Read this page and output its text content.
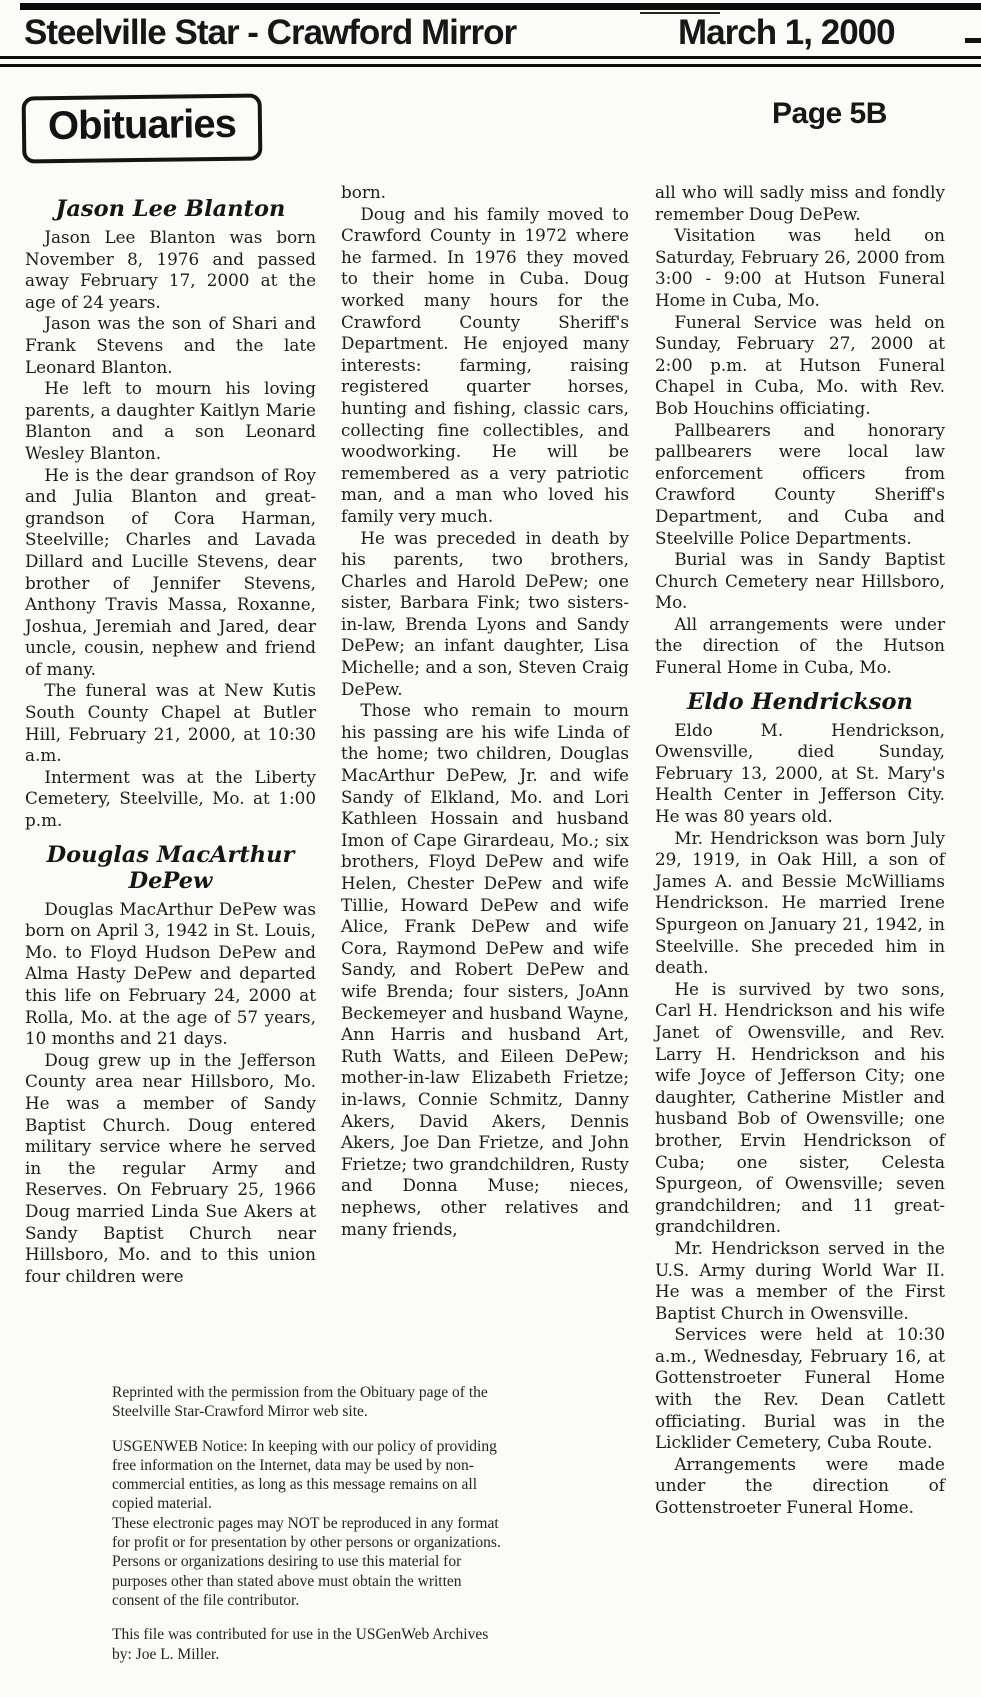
Steelville Star - Crawford Mirror	March 1, 2000
Obituaries	Page 5B
Jason Lee Blanton

Jason Lee Blanton was born November 8, 1976 and passed away February 17, 2000 at the age of 24 years.

Jason was the son of Shari and Frank Stevens and the late Leonard Blanton.

He left to mourn his loving parents, a daughter Kaitlyn Marie Blanton and a son Leonard Wesley Blanton.

He is the dear grandson of Roy and Julia Blanton and great-grandson of Cora Harman, Steelville; Charles and Lavada Dillard and Lucille Stevens, dear brother of Jennifer Stevens, Anthony Travis Massa, Roxanne, Joshua, Jeremiah and Jared, dear uncle, cousin, nephew and friend of many.

The funeral was at New Kutis South County Chapel at Butler Hill, February 21, 2000, at 10:30 a.m.

Interment was at the Liberty Cemetery, Steelville, Mo. at 1:00 p.m.

Douglas MacArthur DePew

Douglas MacArthur DePew was born on April 3, 1942 in St. Louis, Mo. to Floyd Hudson DePew and Alma Hasty DePew and departed this life on February 24, 2000 at Rolla, Mo. at the age of 57 years, 10 months and 21 days.

Doug grew up in the Jefferson County area near Hillsboro, Mo. He was a member of Sandy Baptist Church. Doug entered military service where he served in the regular Army and Reserves. On February 25, 1966 Doug married Linda Sue Akers at Sandy Baptist Church near Hillsboro, Mo. and to this union four children were

born.

Doug and his family moved to Crawford County in 1972 where he farmed. In 1976 they moved to their home in Cuba. Doug worked many hours for the Crawford County Sheriff's Department. He enjoyed many interests: farming, raising registered quarter horses, hunting and fishing, classic cars, collecting fine collectibles, and woodworking. He will be remembered as a very patriotic man, and a man who loved his family very much.

He was preceded in death by his parents, two brothers, Charles and Harold DePew; one sister, Barbara Fink; two sisters-in-law, Brenda Lyons and Sandy DePew; an infant daughter, Lisa Michelle; and a son, Steven Craig DePew.

Those who remain to mourn his passing are his wife Linda of the home; two children, Douglas MacArthur DePew, Jr. and wife Sandy of Elkland, Mo. and Lori Kathleen Hossain and husband Imon of Cape Girardeau, Mo.; six brothers, Floyd DePew and wife Helen, Chester DePew and wife Tillie, Howard DePew and wife Alice, Frank DePew and wife Cora, Raymond DePew and wife Sandy, and Robert DePew and wife Brenda; four sisters, JoAnn Beckemeyer and husband Wayne, Ann Harris and husband Art, Ruth Watts, and Eileen DePew; mother-in-law Elizabeth Frietze; in-laws, Connie Schmitz, Danny Akers, David Akers, Dennis Akers, Joe Dan Frietze, and John Frietze; two grandchildren, Rusty and Donna Muse; nieces, nephews, other relatives and many friends,

all who will sadly miss and fondly remember Doug DePew.

Visitation was held on Saturday, February 26, 2000 from 3:00 - 9:00 at Hutson Funeral Home in Cuba, Mo.

Funeral Service was held on Sunday, February 27, 2000 at 2:00 p.m. at Hutson Funeral Chapel in Cuba, Mo. with Rev. Bob Houchins officiating.

Pallbearers and honorary pallbearers were local law enforcement officers from Crawford County Sheriff's Department, and Cuba and Steelville Police Departments.

Burial was in Sandy Baptist Church Cemetery near Hillsboro, Mo.

All arrangements were under the direction of the Hutson Funeral Home in Cuba, Mo.

Eldo Hendrickson

Eldo M. Hendrickson, Owensville, died Sunday, February 13, 2000, at St. Mary's Health Center in Jefferson City. He was 80 years old.

Mr. Hendrickson was born July 29, 1919, in Oak Hill, a son of James A. and Bessie McWilliams Hendrickson. He married Irene Spurgeon on January 21, 1942, in Steelville. She preceded him in death.

He is survived by two sons, Carl H. Hendrickson and his wife Janet of Owensville, and Rev. Larry H. Hendrickson and his wife Joyce of Jefferson City; one daughter, Catherine Mistler and husband Bob of Owensville; one brother, Ervin Hendrickson of Cuba; one sister, Celesta Spurgeon, of Owensville; seven grandchildren; and 11 great-grandchildren.

Mr. Hendrickson served in the U.S. Army during World War II. He was a member of the First Baptist Church in Owensville.

Services were held at 10:30 a.m., Wednesday, February 16, at Gottenstroeter Funeral Home with the Rev. Dean Catlett officiating. Burial was in the Licklider Cemetery, Cuba Route.

Arrangements were made under the direction of Gottenstroeter Funeral Home.

Reprinted with the permission from the Obituary page of the Steelville Star-Crawford Mirror web site.

USGENWEB Notice: In keeping with our policy of providing free information on the Internet, data may be used by non-commercial entities, as long as this message remains on all copied material.

These electronic pages may NOT be reproduced in any format for profit or for presentation by other persons or organizations. Persons or organizations desiring to use this material for purposes other than stated above must obtain the written consent of the file contributor.

This file was contributed for use in the USGenWeb Archives by: Joe L. Miller.
